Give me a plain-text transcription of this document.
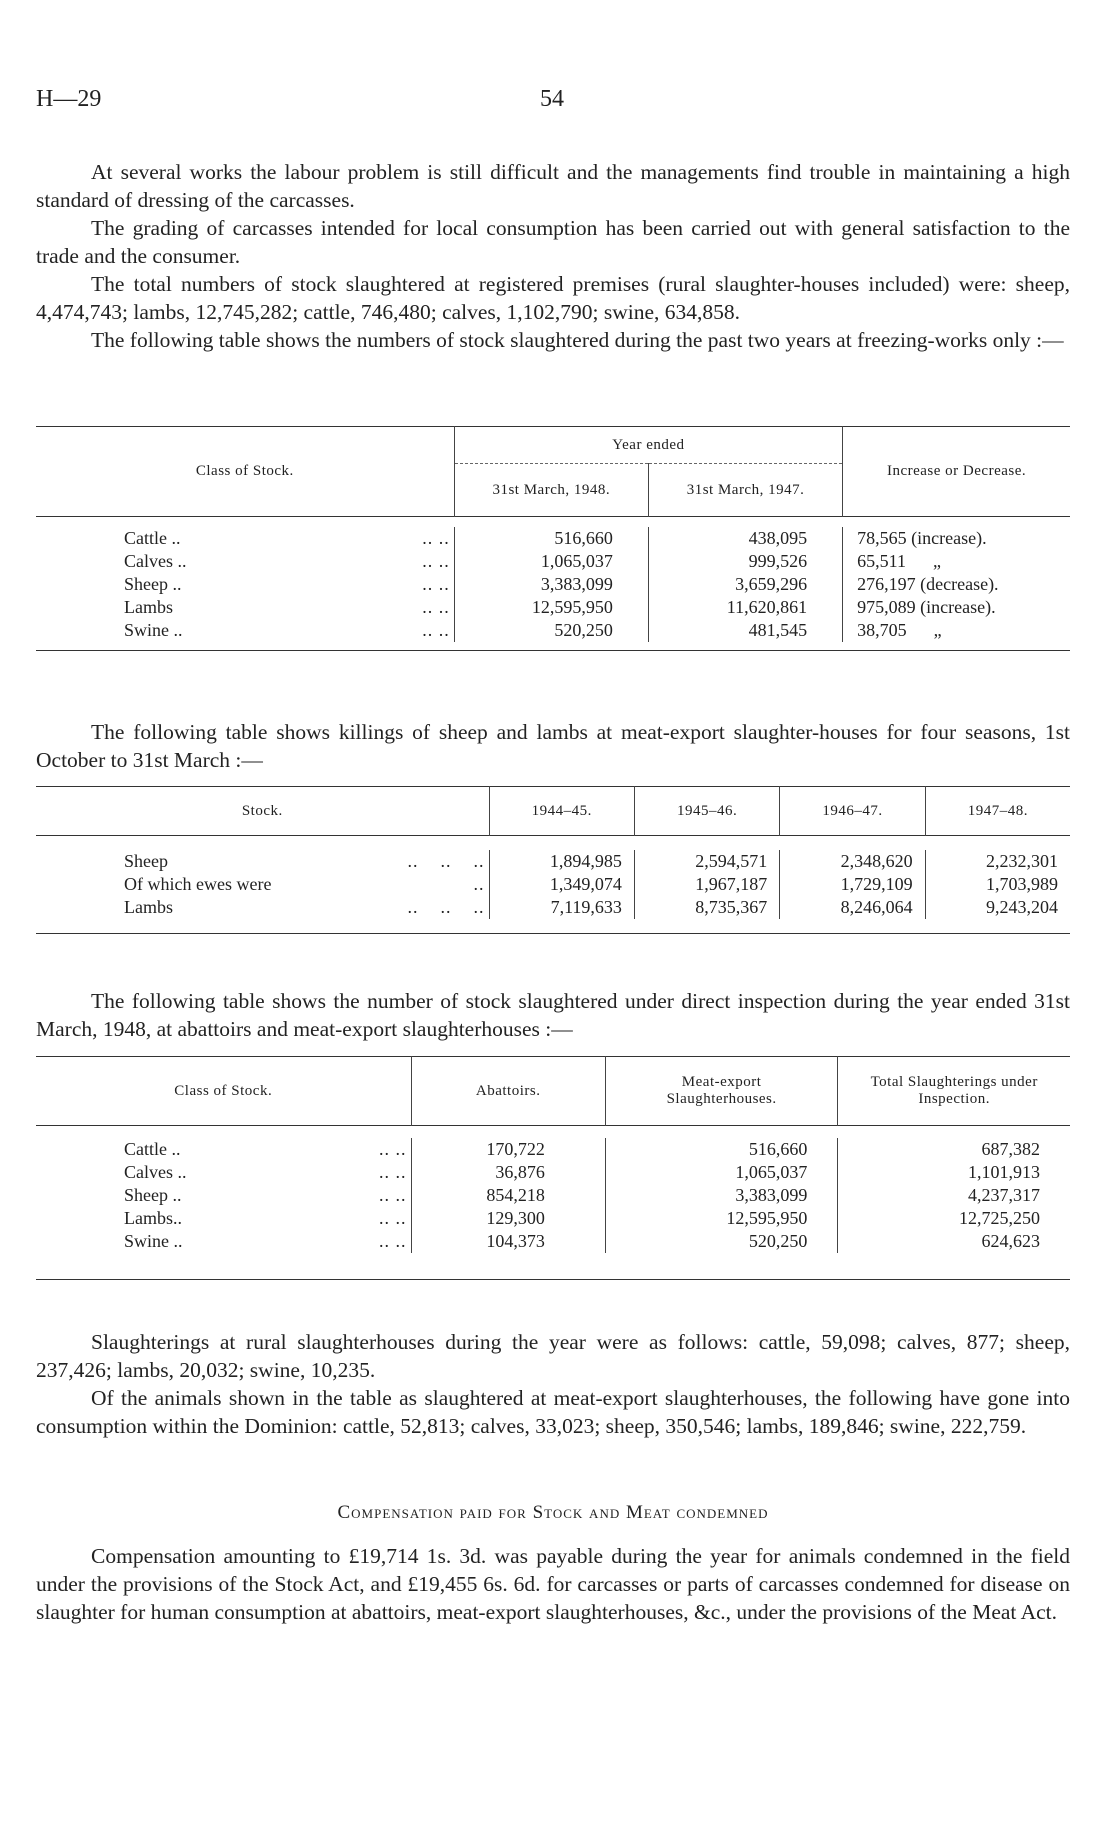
H—29	54

At several works the labour problem is still difficult and the managements find trouble in maintaining a high standard of dressing of the carcasses.

The grading of carcasses intended for local consumption has been carried out with general satisfaction to the trade and the consumer.

The total numbers of stock slaughtered at registered premises (rural slaughter-houses included) were: sheep, 4,474,743; lambs, 12,745,282; cattle, 746,480; calves, 1,102,790; swine, 634,858.

The following table shows the numbers of stock slaughtered during the past two years at freezing-works only :—

Class of Stock.	Year ended		Increase or Decrease.
	31st March, 1948.	31st March, 1947.	

Cattle .. .. ..	516,660	438,095	78,565 (increase).
Calves .. .. ..	1,065,037	999,526	65,511      „
Sheep .. .. ..	3,383,099	3,659,296	276,197 (decrease).
Lambs .. ..	12,595,950	11,620,861	975,089 (increase).
Swine .. .. ..	520,250	481,545	38,705      „

The following table shows killings of sheep and lambs at meat-export slaughter-houses for four seasons, 1st October to 31st March :—

Stock.	1944–45.	1945–46.	1946–47.	1947–48.

Sheep ..    ..    ..	1,894,985	2,594,571	2,348,620	2,232,301
Of which ewes were ..	1,349,074	1,967,187	1,729,109	1,703,989
Lambs ..    ..    ..	7,119,633	8,735,367	8,246,064	9,243,204

The following table shows the number of stock slaughtered under direct inspection during the year ended 31st March, 1948, at abattoirs and meat-export slaughterhouses :—

Class of Stock.	Abattoirs.	Meat-export Slaughterhouses.	Total Slaughterings under Inspection.

Cattle .. .. ..	170,722	516,660	687,382
Calves .. .. ..	36,876	1,065,037	1,101,913
Sheep .. .. ..	854,218	3,383,099	4,237,317
Lambs.. .. ..	129,300	12,595,950	12,725,250
Swine .. .. ..	104,373	520,250	624,623

Slaughterings at rural slaughterhouses during the year were as follows: cattle, 59,098; calves, 877; sheep, 237,426; lambs, 20,032; swine, 10,235.

Of the animals shown in the table as slaughtered at meat-export slaughterhouses, the following have gone into consumption within the Dominion: cattle, 52,813; calves, 33,023; sheep, 350,546; lambs, 189,846; swine, 222,759.

Compensation paid for Stock and Meat condemned

Compensation amounting to £19,714 1s. 3d. was payable during the year for animals condemned in the field under the provisions of the Stock Act, and £19,455 6s. 6d. for carcasses or parts of carcasses condemned for disease on slaughter for human consumption at abattoirs, meat-export slaughterhouses, &c., under the provisions of the Meat Act.
